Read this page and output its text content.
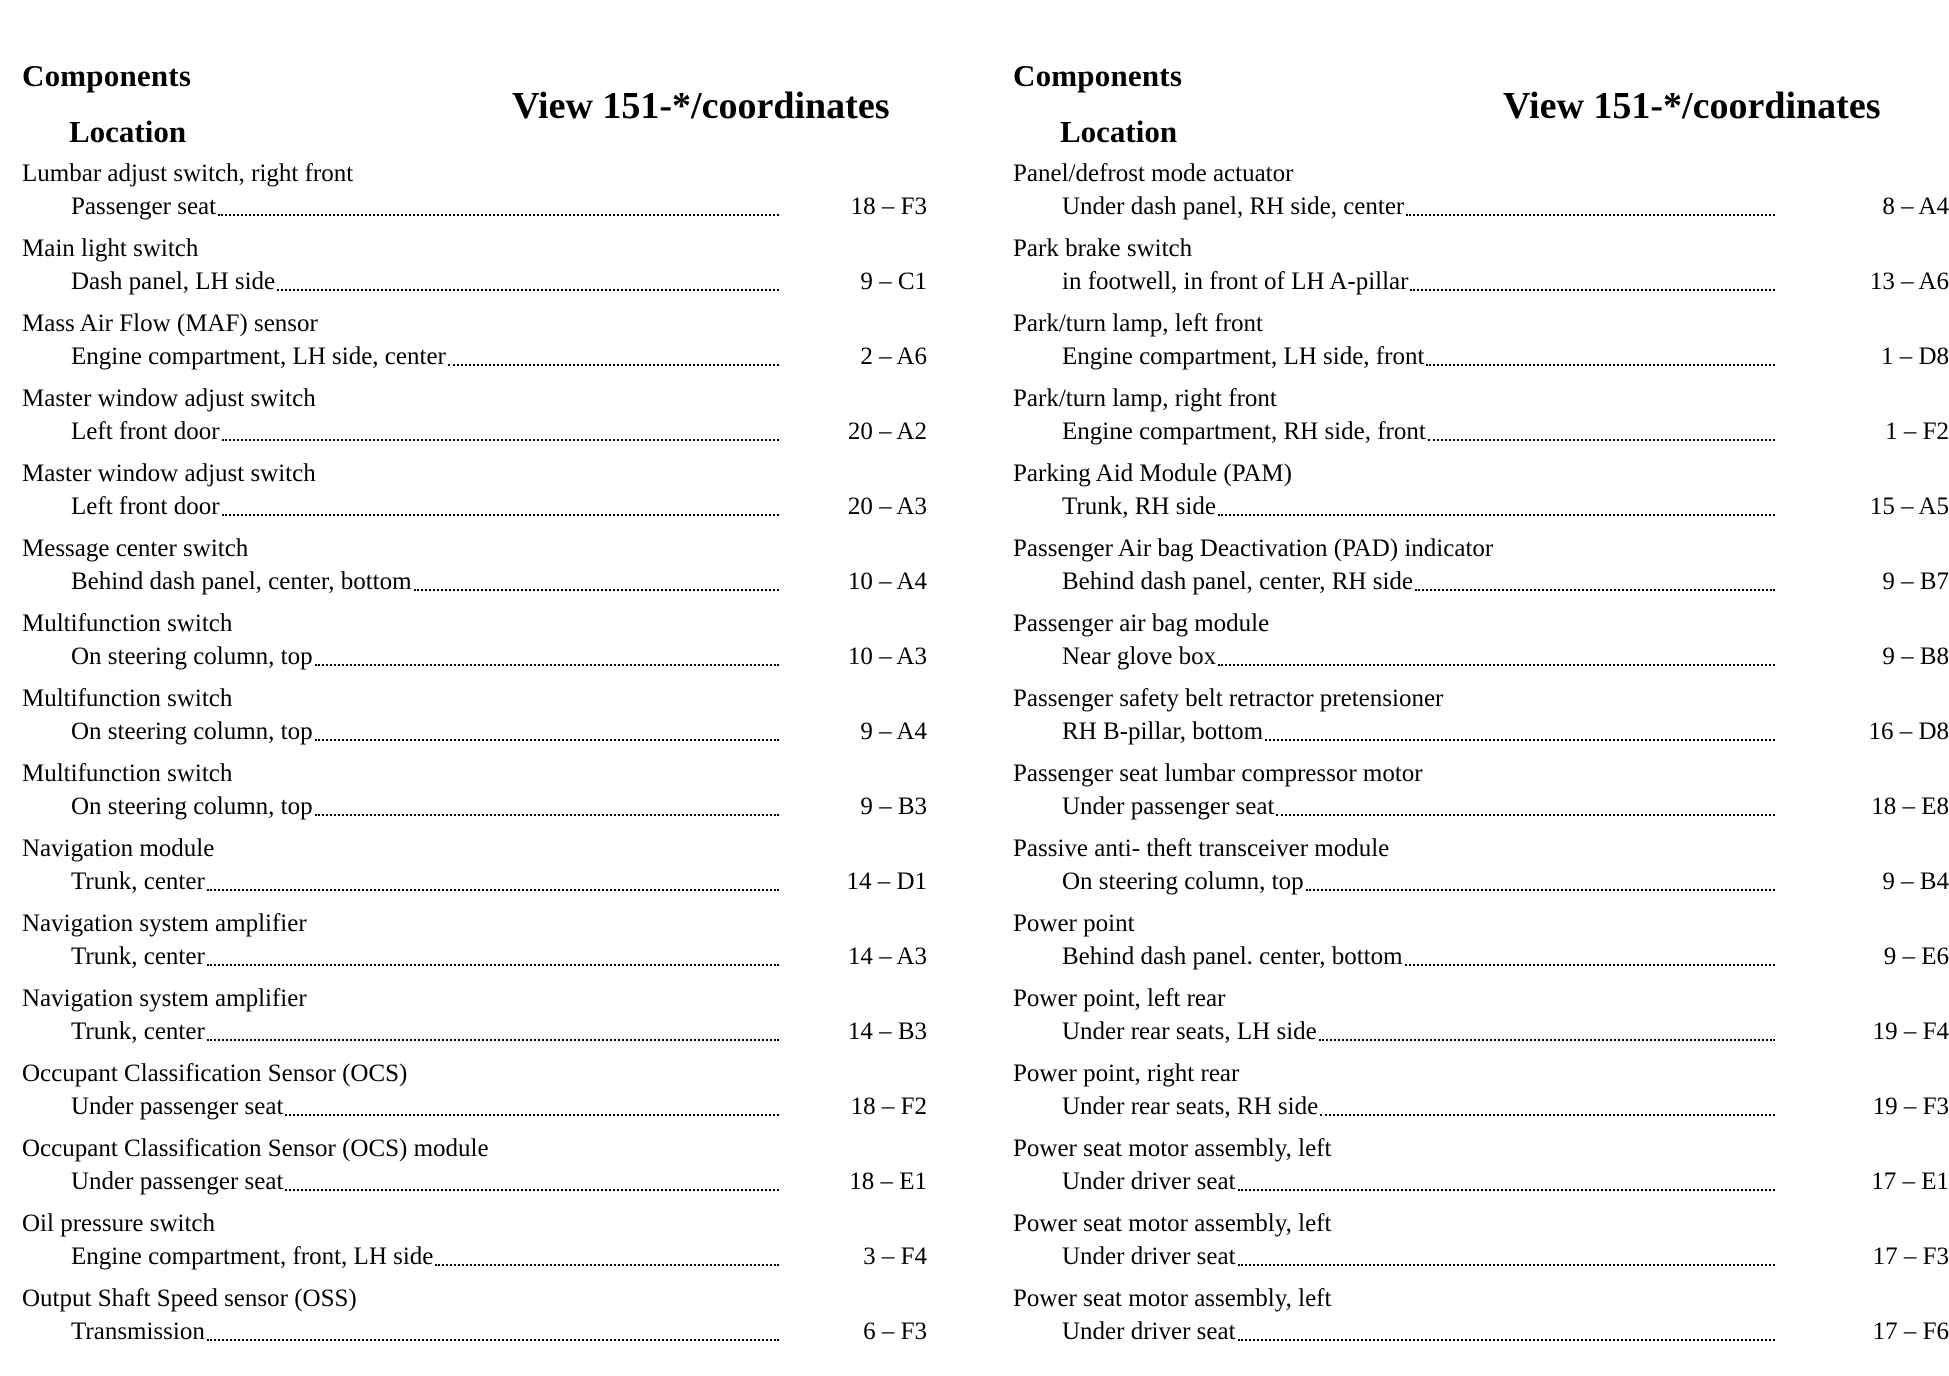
Components
Location
View 151-*/coordinates
Lumbar adjust switch, right front
Passenger seat	18 – F3
Main light switch
Dash panel, LH side	9 – C1
Mass Air Flow (MAF) sensor
Engine compartment, LH side, center	2 – A6
Master window adjust switch
Left front door	20 – A2
Master window adjust switch
Left front door	20 – A3
Message center switch
Behind dash panel, center, bottom	10 – A4
Multifunction switch
On steering column, top	10 – A3
Multifunction switch
On steering column, top	9 – A4
Multifunction switch
On steering column, top	9 – B3
Navigation module
Trunk, center	14 – D1
Navigation system amplifier
Trunk, center	14 – A3
Navigation system amplifier
Trunk, center	14 – B3
Occupant Classification Sensor (OCS)
Under passenger seat	18 – F2
Occupant Classification Sensor (OCS) module
Under passenger seat	18 – E1
Oil pressure switch
Engine compartment, front, LH side	3 – F4
Output Shaft Speed sensor (OSS)
Transmission	6 – F3
Components
Location
View 151-*/coordinates
Panel/defrost mode actuator
Under dash panel, RH side, center	8 – A4
Park brake switch
in footwell, in front of LH A-pillar	13 – A6
Park/turn lamp, left front
Engine compartment, LH side, front	1 – D8
Park/turn lamp, right front
Engine compartment, RH side, front	1 – F2
Parking Aid Module (PAM)
Trunk, RH side	15 – A5
Passenger Air bag Deactivation (PAD) indicator
Behind dash panel, center, RH side	9 – B7
Passenger air bag module
Near glove box	9 – B8
Passenger safety belt retractor pretensioner
RH B-pillar, bottom	16 – D8
Passenger seat lumbar compressor motor
Under passenger seat	18 – E8
Passive anti- theft transceiver module
On steering column, top	9 – B4
Power point
Behind dash panel. center, bottom	9 – E6
Power point, left rear
Under rear seats, LH side	19 – F4
Power point, right rear
Under rear seats, RH side	19 – F3
Power seat motor assembly, left
Under driver seat	17 – E1
Power seat motor assembly, left
Under driver seat	17 – F3
Power seat motor assembly, left
Under driver seat	17 – F6
